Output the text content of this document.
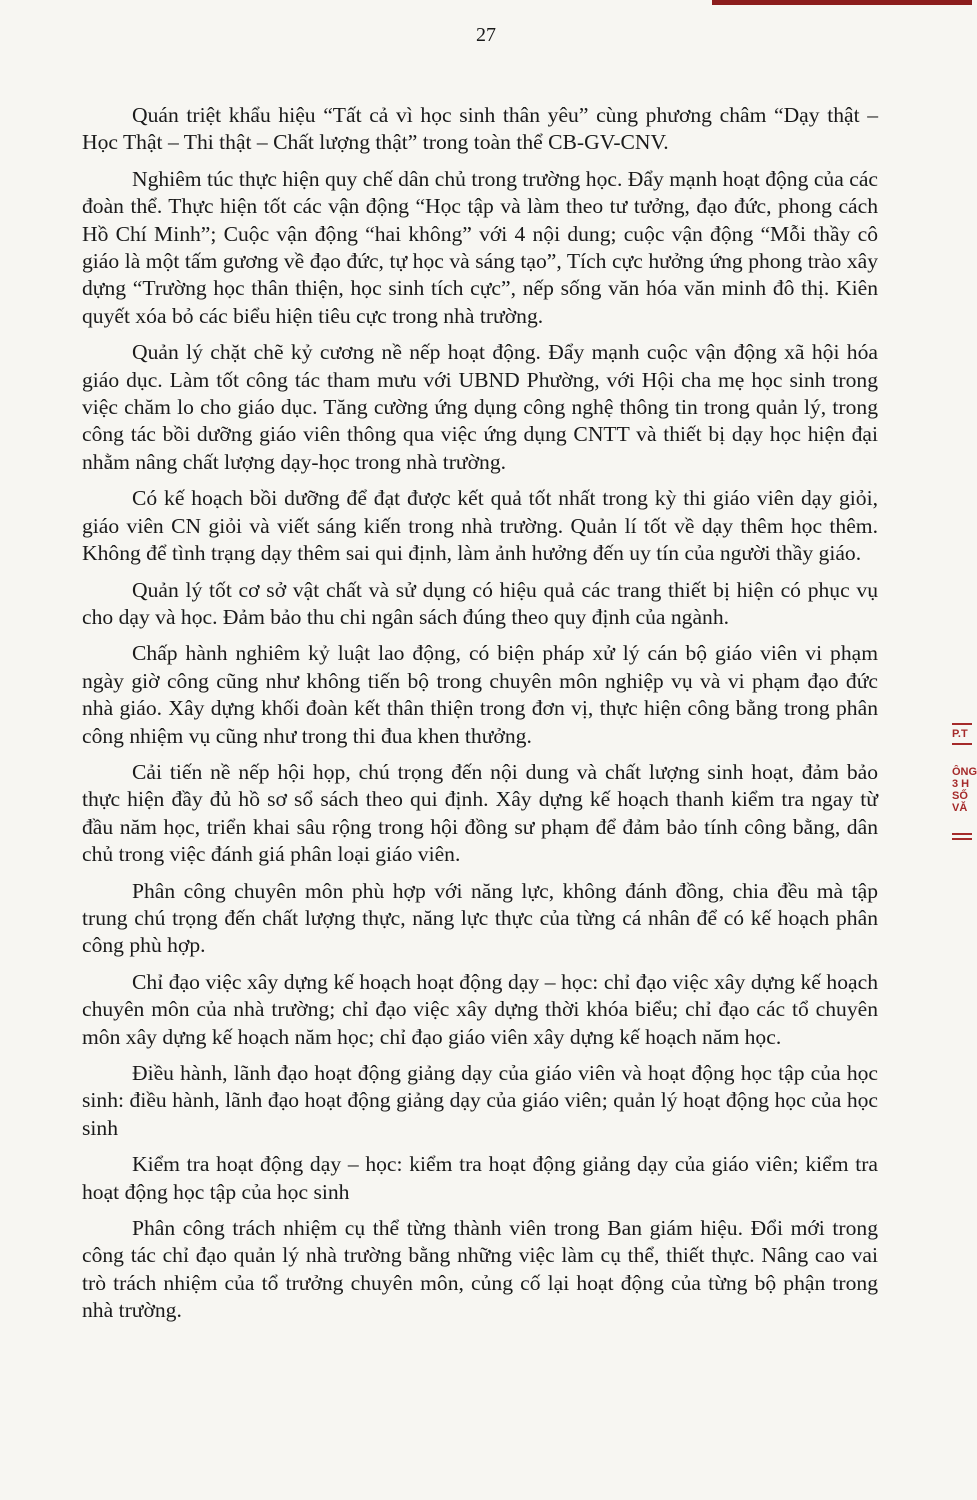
27

Quán triệt khẩu hiệu “Tất cả vì học sinh thân yêu” cùng phương châm “Dạy thật – Học Thật – Thi thật – Chất lượng thật” trong toàn thể CB-GV-CNV.

Nghiêm túc thực hiện quy chế dân chủ trong trường học. Đẩy mạnh hoạt động của các đoàn thể. Thực hiện tốt các vận động “Học tập và làm theo tư tưởng, đạo đức, phong cách Hồ Chí Minh”; Cuộc vận động “hai không” với 4 nội dung; cuộc vận động “Mỗi thầy cô giáo là một tấm gương về đạo đức, tự học và sáng tạo”, Tích cực hưởng ứng phong trào xây dựng “Trường học thân thiện, học sinh tích cực”, nếp sống văn hóa văn minh đô thị. Kiên quyết xóa bỏ các biểu hiện tiêu cực trong nhà trường.

Quản lý chặt chẽ kỷ cương nề nếp hoạt động. Đẩy mạnh cuộc vận động xã hội hóa giáo dục. Làm tốt công tác tham mưu với UBND Phường, với Hội cha mẹ học sinh trong việc chăm lo cho giáo dục. Tăng cường ứng dụng công nghệ thông tin trong quản lý, trong công tác bồi dưỡng giáo viên thông qua việc ứng dụng CNTT và thiết bị dạy học hiện đại nhằm nâng chất lượng dạy-học trong nhà trường.

Có kế hoạch bồi dưỡng để đạt được kết quả tốt nhất trong kỳ thi giáo viên dạy giỏi, giáo viên CN giỏi và viết sáng kiến trong nhà trường. Quản lí tốt về dạy thêm học thêm. Không để tình trạng dạy thêm sai qui định, làm ảnh hưởng đến uy tín của người thầy giáo.

Quản lý tốt cơ sở vật chất và sử dụng có hiệu quả các trang thiết bị hiện có phục vụ cho dạy và học. Đảm bảo thu chi ngân sách đúng theo quy định của ngành.

Chấp hành nghiêm kỷ luật lao động, có biện pháp xử lý cán bộ giáo viên vi phạm ngày giờ công cũng như không tiến bộ trong chuyên môn nghiệp vụ và vi phạm đạo đức nhà giáo. Xây dựng khối đoàn kết thân thiện trong đơn vị, thực hiện công bằng trong phân công nhiệm vụ cũng như trong thi đua khen thưởng.

Cải tiến nề nếp hội họp, chú trọng đến nội dung và chất lượng sinh hoạt, đảm bảo thực hiện đầy đủ hồ sơ sổ sách theo qui định. Xây dựng kế hoạch thanh kiểm tra ngay từ đầu năm học, triển khai sâu rộng trong hội đồng sư phạm để đảm bảo tính công bằng, dân chủ trong việc đánh giá phân loại giáo viên.

Phân công chuyên môn phù hợp với năng lực, không đánh đồng, chia đều mà tập trung chú trọng đến chất lượng thực, năng lực thực của từng cá nhân để có kế hoạch phân công phù hợp.

Chỉ đạo việc xây dựng kế hoạch hoạt động dạy – học: chỉ đạo việc xây dựng kế hoạch chuyên môn của nhà trường; chỉ đạo việc xây dựng thời khóa biểu; chỉ đạo các tổ chuyên môn xây dựng kế hoạch năm học; chỉ đạo giáo viên xây dựng kế hoạch năm học.

Điều hành, lãnh đạo hoạt động giảng dạy của giáo viên và hoạt động học tập của học sinh: điều hành, lãnh đạo hoạt động giảng dạy của giáo viên; quản lý hoạt động học của học sinh

Kiểm tra hoạt động dạy – học: kiểm tra hoạt động giảng dạy của giáo viên; kiểm tra hoạt động học tập của học sinh

Phân công trách nhiệm cụ thể từng thành viên trong Ban giám hiệu. Đổi mới trong công tác chỉ đạo quản lý nhà trường bằng những việc làm cụ thể, thiết thực. Nâng cao vai trò trách nhiệm của tổ trưởng chuyên môn, củng cố lại hoạt động của từng bộ phận trong nhà trường.

P.T
ÔNG
3 H
SỐ
VĂ
